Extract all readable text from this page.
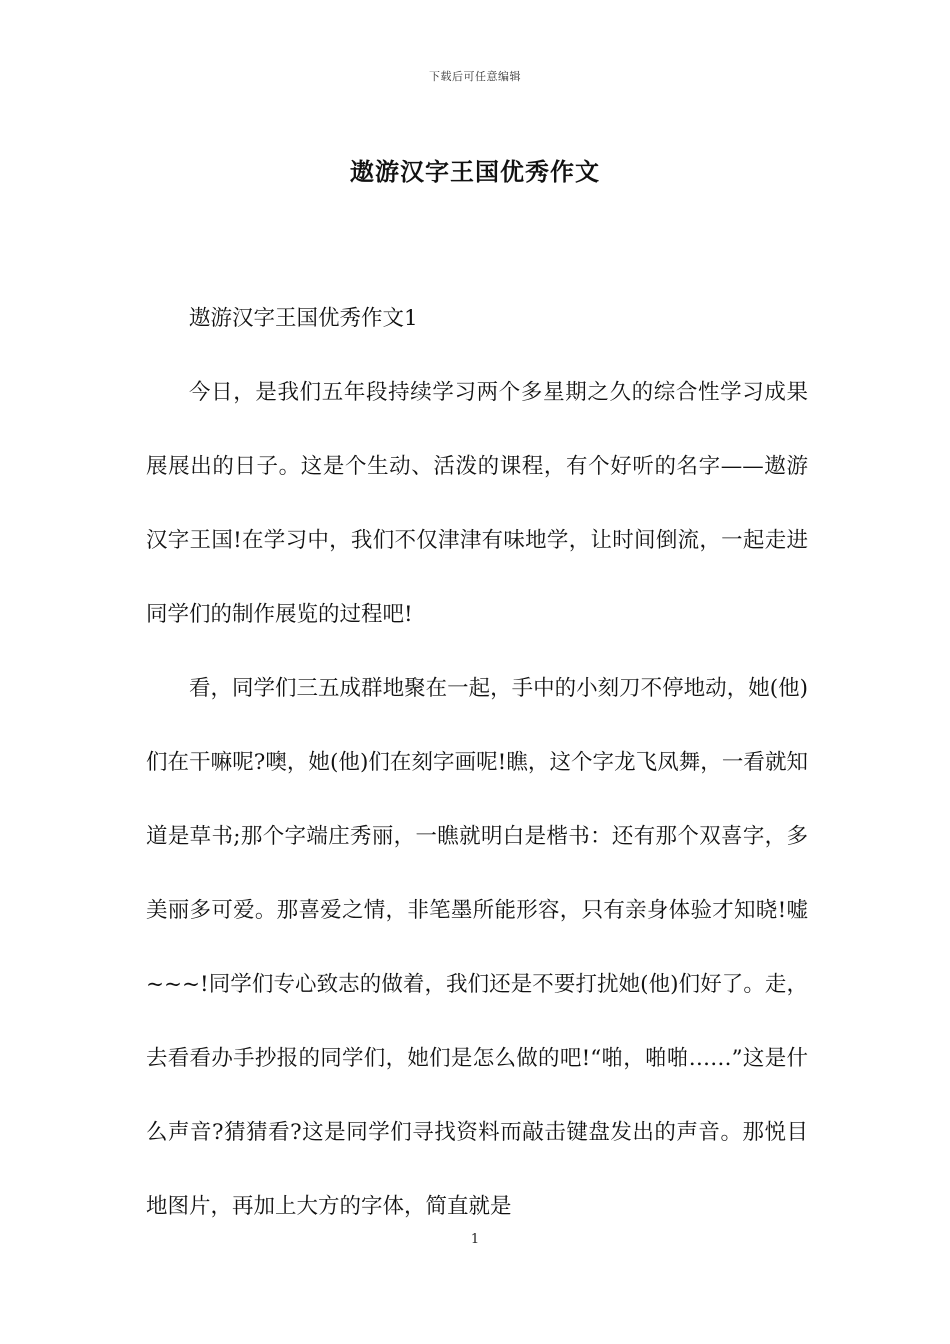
下载后可任意编辑
遨游汉字王国优秀作文

遨游汉字王国优秀作文1

今日，是我们五年段持续学习两个多星期之久的综合性学习成果展展出的日子。这是个生动、活泼的课程，有个好听的名字——遨游汉字王国!在学习中，我们不仅津津有味地学，让时间倒流，一起走进同学们的制作展览的过程吧!

看，同学们三五成群地聚在一起，手中的小刻刀不停地动，她(他)们在干嘛呢?噢，她(他)们在刻字画呢!瞧，这个字龙飞凤舞，一看就知道是草书;那个字端庄秀丽，一瞧就明白是楷书：还有那个双喜字，多美丽多可爱。那喜爱之情，非笔墨所能形容，只有亲身体验才知晓!嘘~~~!同学们专心致志的做着，我们还是不要打扰她(他)们好了。走，去看看办手抄报的同学们，她们是怎么做的吧!“啪，啪啪……”这是什么声音?猜猜看?这是同学们寻找资料而敲击键盘发出的声音。那悦目地图片，再加上大方的字体，简直就是

1
